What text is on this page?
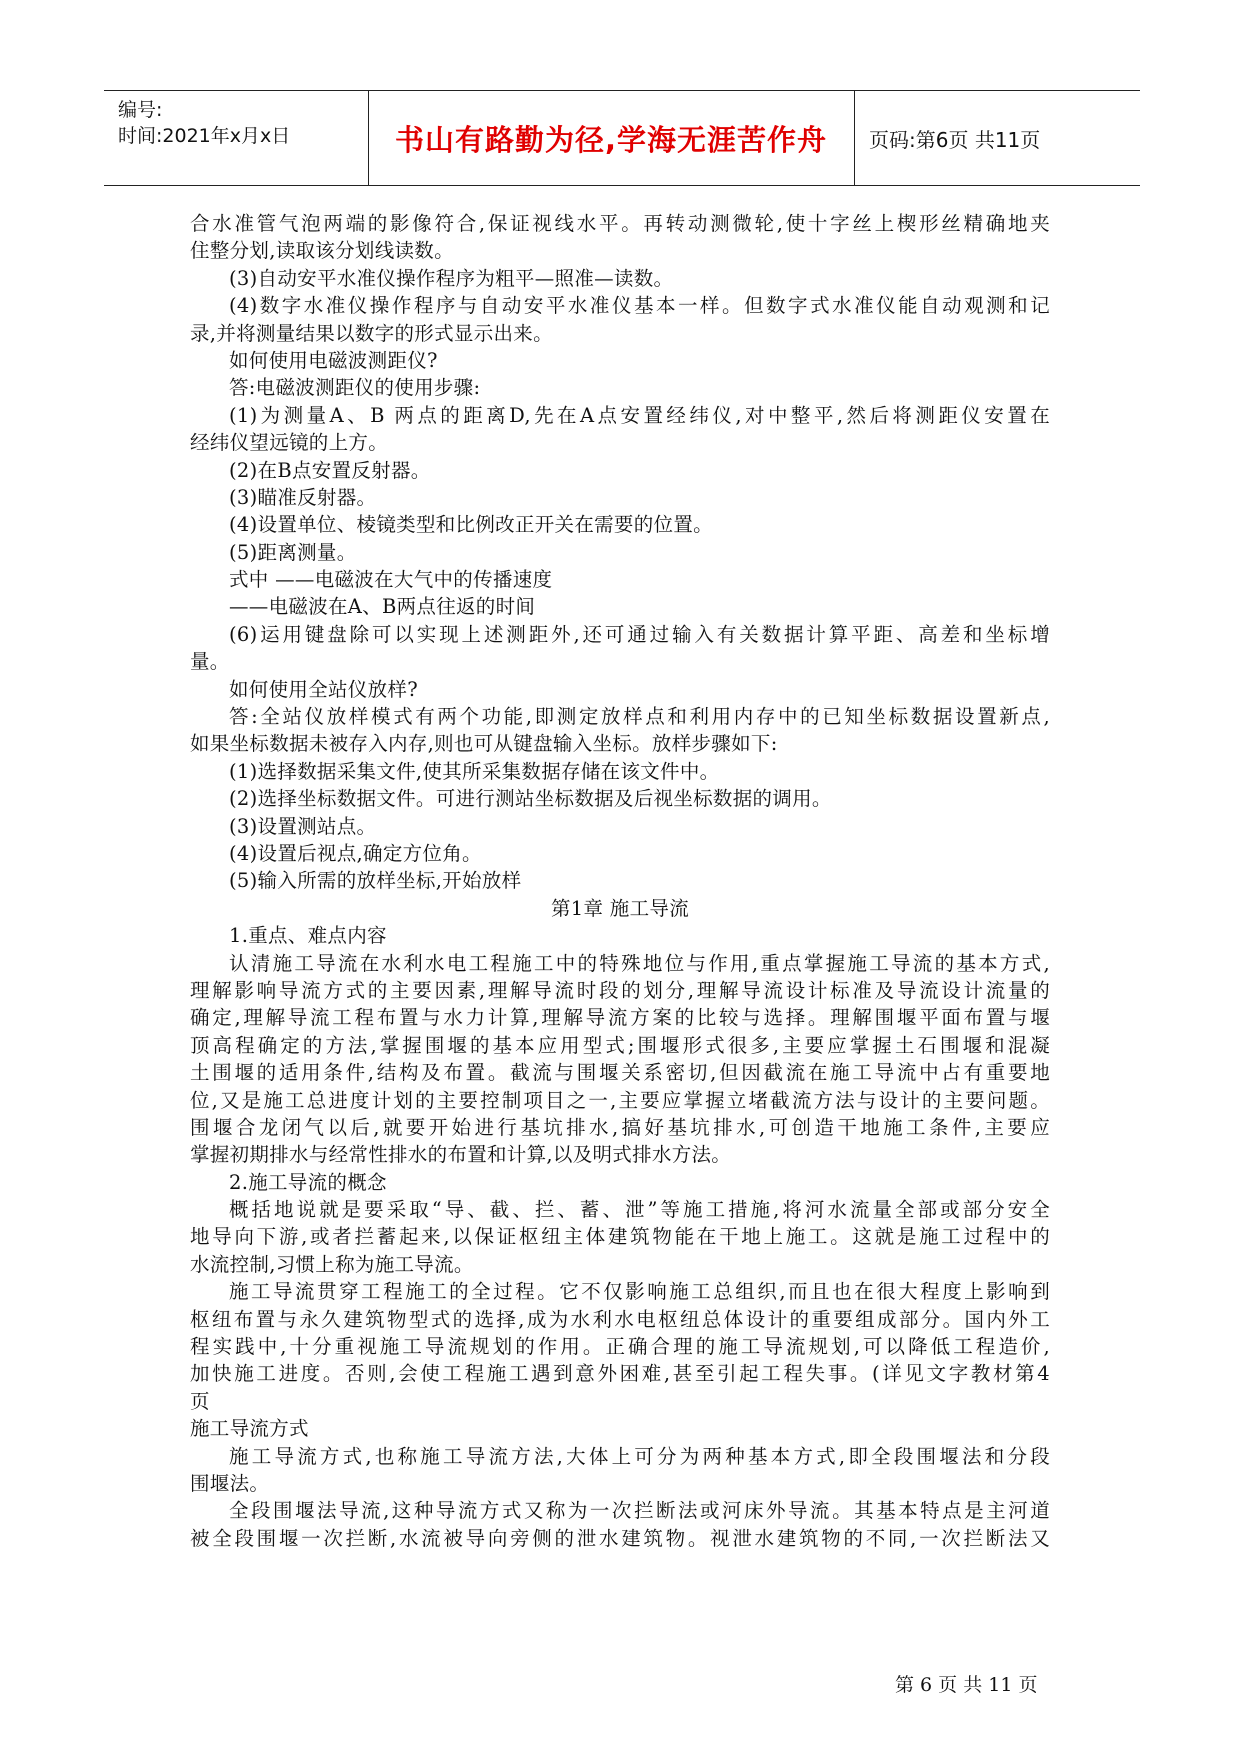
编号:
时间:2021年x月x日	书山有路勤为径,学海无涯苦作舟	页码:第6页 共11页
合水准管气泡两端的影像符合,保证视线水平。再转动测微轮,使十字丝上楔形丝精确地夹
住整分划,读取该分划线读数。
(3)自动安平水准仪操作程序为粗平—照准—读数。
(4)数字水准仪操作程序与自动安平水准仪基本一样。但数字式水准仪能自动观测和记
录,并将测量结果以数字的形式显示出来。
如何使用电磁波测距仪?
答:电磁波测距仪的使用步骤:
(1)为测量A、B 两点的距离D,先在A点安置经纬仪,对中整平,然后将测距仪安置在
经纬仪望远镜的上方。
(2)在B点安置反射器。
(3)瞄准反射器。
(4)设置单位、棱镜类型和比例改正开关在需要的位置。
(5)距离测量。
式中 ——电磁波在大气中的传播速度
——电磁波在A、B两点往返的时间
(6)运用键盘除可以实现上述测距外,还可通过输入有关数据计算平距、高差和坐标增
量。
如何使用全站仪放样?
答:全站仪放样模式有两个功能,即测定放样点和利用内存中的已知坐标数据设置新点,
如果坐标数据未被存入内存,则也可从键盘输入坐标。放样步骤如下:
(1)选择数据采集文件,使其所采集数据存储在该文件中。
(2)选择坐标数据文件。可进行测站坐标数据及后视坐标数据的调用。
(3)设置测站点。
(4)设置后视点,确定方位角。
(5)输入所需的放样坐标,开始放样
第1章 施工导流
1.重点、难点内容
认清施工导流在水利水电工程施工中的特殊地位与作用,重点掌握施工导流的基本方式,
理解影响导流方式的主要因素,理解导流时段的划分,理解导流设计标准及导流设计流量的
确定,理解导流工程布置与水力计算,理解导流方案的比较与选择。理解围堰平面布置与堰
顶高程确定的方法,掌握围堰的基本应用型式;围堰形式很多,主要应掌握土石围堰和混凝
土围堰的适用条件,结构及布置。截流与围堰关系密切,但因截流在施工导流中占有重要地
位,又是施工总进度计划的主要控制项目之一,主要应掌握立堵截流方法与设计的主要问题。
围堰合龙闭气以后,就要开始进行基坑排水,搞好基坑排水,可创造干地施工条件,主要应
掌握初期排水与经常性排水的布置和计算,以及明式排水方法。
2.施工导流的概念
概括地说就是要采取“导、截、拦、蓄、泄”等施工措施,将河水流量全部或部分安全
地导向下游,或者拦蓄起来,以保证枢纽主体建筑物能在干地上施工。这就是施工过程中的
水流控制,习惯上称为施工导流。
施工导流贯穿工程施工的全过程。它不仅影响施工总组织,而且也在很大程度上影响到
枢纽布置与永久建筑物型式的选择,成为水利水电枢纽总体设计的重要组成部分。国内外工
程实践中,十分重视施工导流规划的作用。正确合理的施工导流规划,可以降低工程造价,
加快施工进度。否则,会使工程施工遇到意外困难,甚至引起工程失事。(详见文字教材第4
页
施工导流方式
施工导流方式,也称施工导流方法,大体上可分为两种基本方式,即全段围堰法和分段
围堰法。
全段围堰法导流,这种导流方式又称为一次拦断法或河床外导流。其基本特点是主河道
被全段围堰一次拦断,水流被导向旁侧的泄水建筑物。视泄水建筑物的不同,一次拦断法又
第 6 页 共 11 页
